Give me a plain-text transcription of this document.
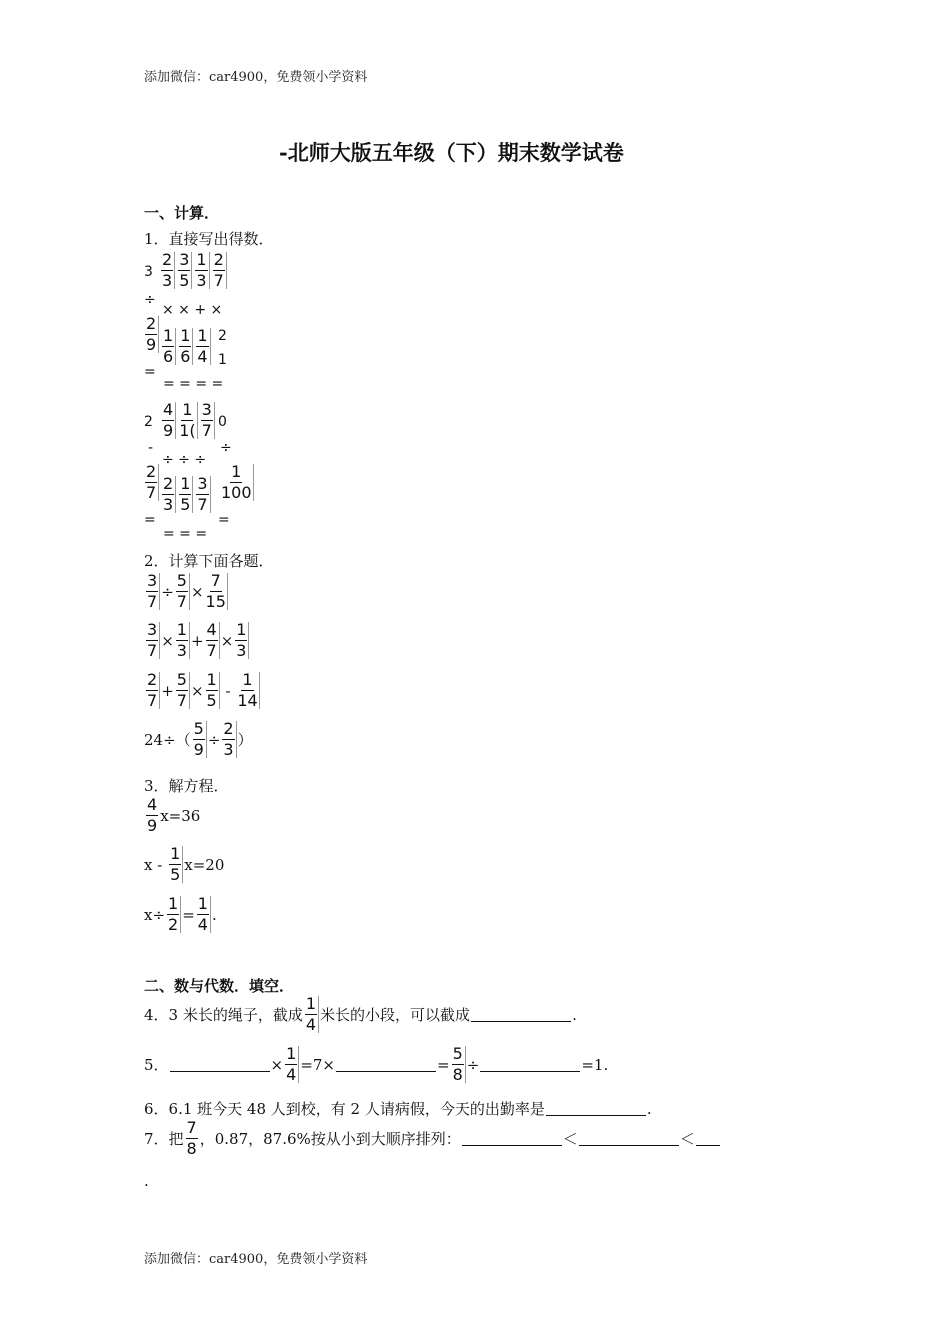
添加微信：car4900，免费领小学资料
-北师大版五年级（下）期末数学试卷
一、计算．
1．直接写出得数．
$3 \frac{2}{3} \frac{3}{5} \frac{1}{3} \frac{2}{7}$
÷
× × + ×
$\frac{2}{9} \frac{1}{6} \frac{1}{6} \frac{1}{4} 2$
1
=
= = = =
$2 \frac{4}{9} \frac{1}{1(} \frac{3}{7} 0$
-
÷ ÷ ÷
÷
$\frac{2}{7} \frac{2}{3} \frac{1}{5} \frac{3}{7} \frac{1}{100}$
=	=
= = =
2．计算下面各题．
$\frac{3}{7} \div \frac{5}{7} \times \frac{7}{15}$
$\frac{3}{7} \times \frac{1}{3} + \frac{4}{7} \times \frac{1}{3}$
$\frac{2}{7} + \frac{5}{7} \times \frac{1}{5} - \frac{1}{14}$
$24\div( \frac{5}{9} \div \frac{2}{3}$ ）
3．解方程．
$\frac{4}{9} x=36$
$x - \frac{1}{5} x=20$
$x\div \frac{1}{2} = \frac{1}{4}$ .
二、数与代数．填空．
4．3 米长的绳子，截成 $\frac{1}{4}$ 米长的小段，可以截成	.
5．	× $\frac{1}{4} =7\times$	= $\frac{5}{8}$ ÷	=1.
6．6.1 班今天 48 人到校，有 2 人请病假，今天的出勤率是	.
7．把 $\frac{7}{8}$ ，0.87，87.6%按从小到大顺序排列：	＜	＜
.
添加微信：car4900，免费领小学资料
